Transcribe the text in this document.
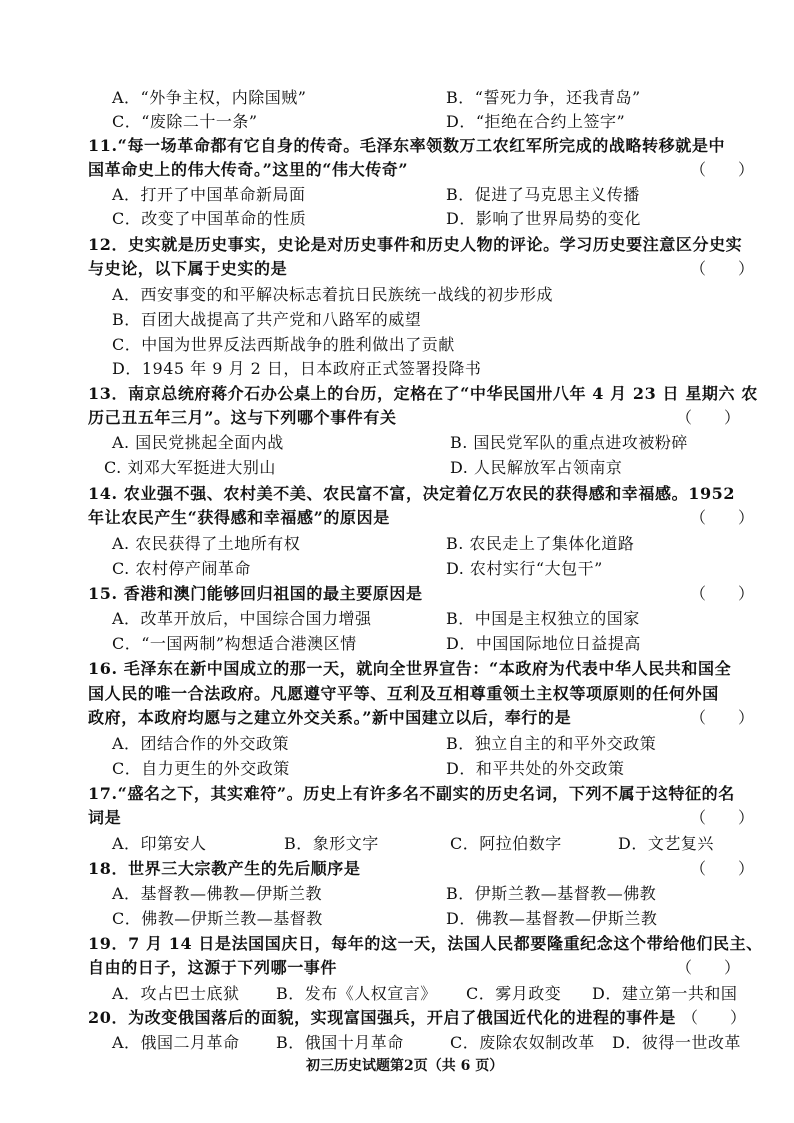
A．“外争主权，内除国贼”	B．“誓死力争，还我青岛”
C．“废除二十一条”	D．“拒绝在合约上签字”
11.“每一场革命都有它自身的传奇。毛泽东率领数万工农红军所完成的战略转移就是中
国革命史上的伟大传奇。”这里的“伟大传奇”	（　　）
A．打开了中国革命新局面	B．促进了马克思主义传播
C．改变了中国革命的性质	D．影响了世界局势的变化
12．史实就是历史事实，史论是对历史事件和历史人物的评论。学习历史要注意区分史实
与史论，以下属于史实的是	（　　）
A．西安事变的和平解决标志着抗日民族统一战线的初步形成
B．百团大战提高了共产党和八路军的威望
C．中国为世界反法西斯战争的胜利做出了贡献
D．1945 年 9 月 2 日，日本政府正式签署投降书
13．南京总统府蒋介石办公桌上的台历，定格在了“中华民国卅八年 4 月 23 日 星期六 农
历己丑五年三月”。这与下列哪个事件有关	（　　）
A. 国民党挑起全面内战	B. 国民党军队的重点进攻被粉碎
C. 刘邓大军挺进大别山	D. 人民解放军占领南京
14. 农业强不强、农村美不美、农民富不富，决定着亿万农民的获得感和幸福感。1952
年让农民产生“获得感和幸福感”的原因是	（　　）
A. 农民获得了土地所有权	B. 农民走上了集体化道路
C. 农村停产闹革命	D. 农村实行“大包干”
15. 香港和澳门能够回归祖国的最主要原因是	（　　）
A．改革开放后，中国综合国力增强	B．中国是主权独立的国家
C．“一国两制”构想适合港澳区情	D．中国国际地位日益提高
16. 毛泽东在新中国成立的那一天，就向全世界宣告：“本政府为代表中华人民共和国全
国人民的唯一合法政府。凡愿遵守平等、互利及互相尊重领土主权等项原则的任何外国
政府，本政府均愿与之建立外交关系。”新中国建立以后，奉行的是	（　　）
A．团结合作的外交政策	B．独立自主的和平外交政策
C．自力更生的外交政策	D．和平共处的外交政策
17.“盛名之下，其实难符”。历史上有许多名不副实的历史名词，下列不属于这特征的名
词是	（　　）
A．印第安人	B．象形文字	C．阿拉伯数字	D．文艺复兴
18．世界三大宗教产生的先后顺序是	（　　）
A．基督教—佛教—伊斯兰教	B．伊斯兰教—基督教—佛教
C．佛教—伊斯兰教—基督教	D．佛教—基督教—伊斯兰教
19．7 月 14 日是法国国庆日，每年的这一天，法国人民都要隆重纪念这个带给他们民主、
自由的日子，这源于下列哪一事件	（　　）
A．攻占巴士底狱 B．发布《人权宣言》 C．雾月政变 D．建立第一共和国
20．为改变俄国落后的面貌，实现富国强兵，开启了俄国近代化的进程的事件是 （　　）
A．俄国二月革命 B．俄国十月革命	C．废除农奴制改革 D．彼得一世改革
初三历史试题第2页（共 6 页）
